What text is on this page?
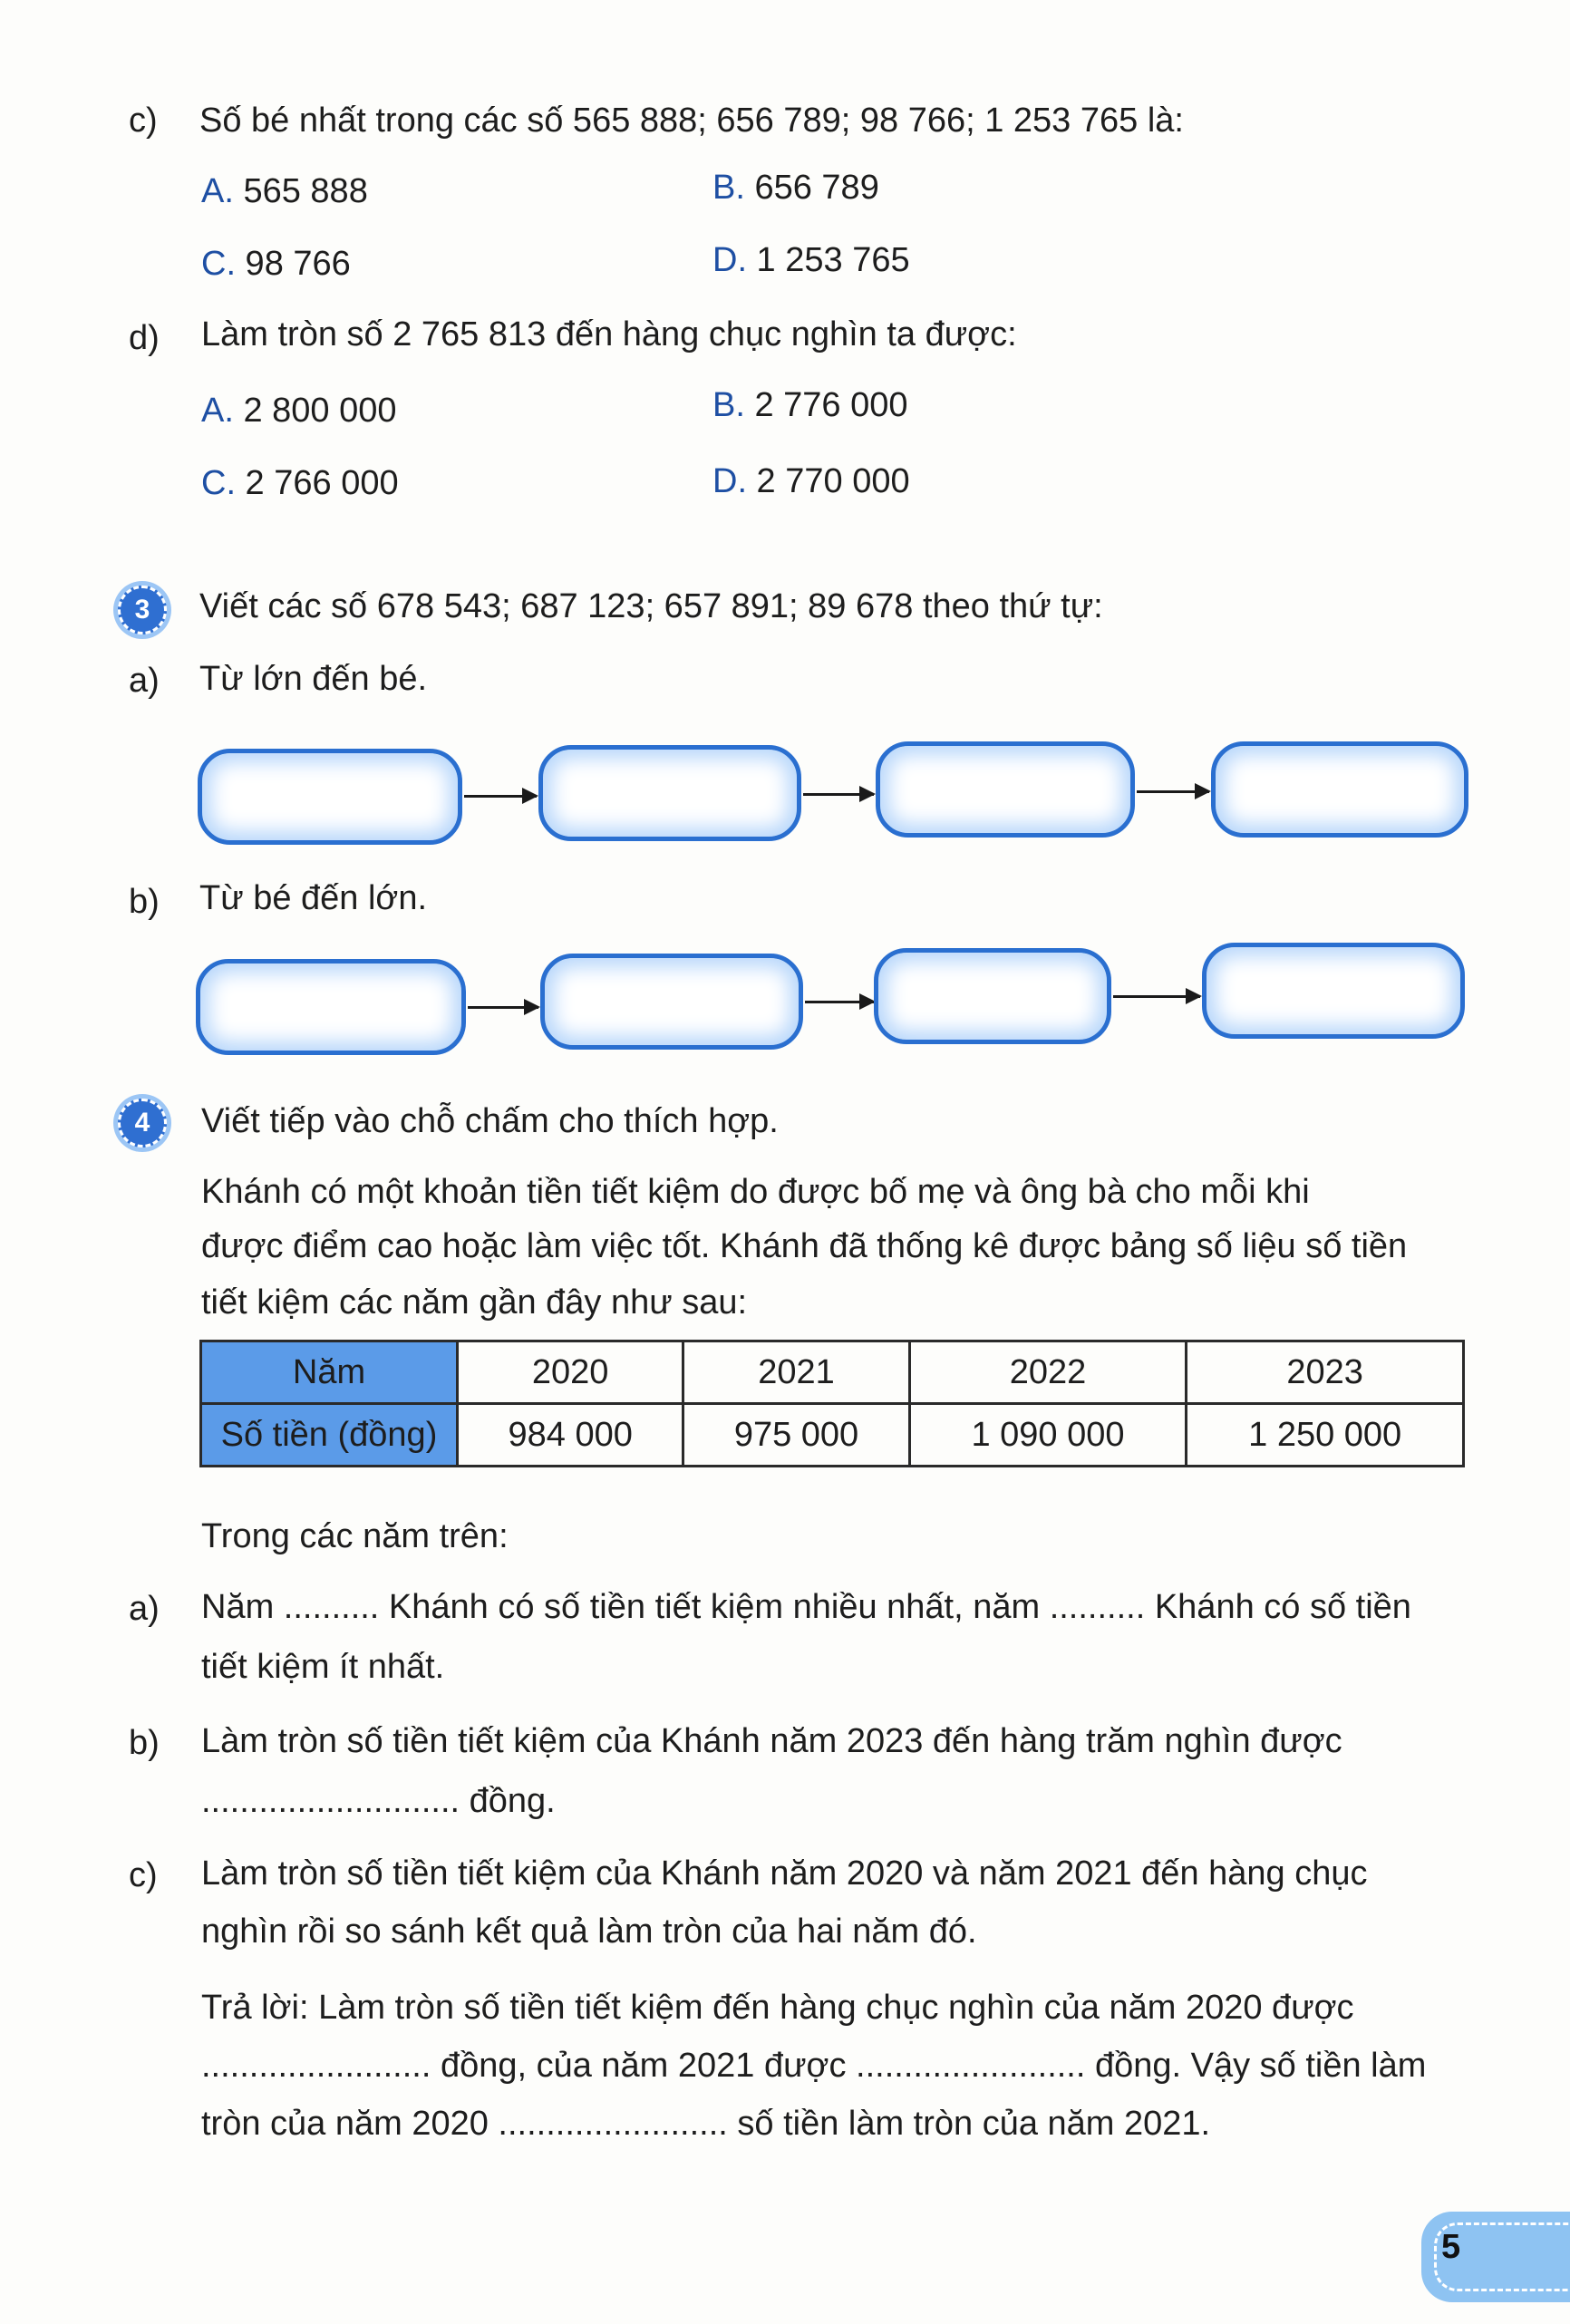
c) Số bé nhất trong các số 565 888; 656 789; 98 766; 1 253 765 là:
A. 565 888	B. 656 789
C. 98 766	D. 1 253 765
d) Làm tròn số 2 765 813 đến hàng chục nghìn ta được:
A. 2 800 000	B. 2 776 000
C. 2 766 000	D. 2 770 000
3	Viết các số 678 543; 687 123; 657 891; 89 678 theo thứ tự:
a) Từ lớn đến bé.
b) Từ bé đến lớn.
4	Viết tiếp vào chỗ chấm cho thích hợp.
Khánh có một khoản tiền tiết kiệm do được bố mẹ và ông bà cho mỗi khi
được điểm cao hoặc làm việc tốt. Khánh đã thống kê được bảng số liệu số tiền
tiết kiệm các năm gần đây như sau:
Năm	2020	2021	2022	2023
Số tiền (đồng)	984 000	975 000	1 090 000	1 250 000
Trong các năm trên:
a) Năm .......... Khánh có số tiền tiết kiệm nhiều nhất, năm .......... Khánh có số tiền
tiết kiệm ít nhất.
b) Làm tròn số tiền tiết kiệm của Khánh năm 2023 đến hàng trăm nghìn được
........................... đồng.
c) Làm tròn số tiền tiết kiệm của Khánh năm 2020 và năm 2021 đến hàng chục
nghìn rồi so sánh kết quả làm tròn của hai năm đó.
Trả lời: Làm tròn số tiền tiết kiệm đến hàng chục nghìn của năm 2020 được
........................ đồng, của năm 2021 được ........................ đồng. Vậy số tiền làm
tròn của năm 2020 ........................ số tiền làm tròn của năm 2021.
5
